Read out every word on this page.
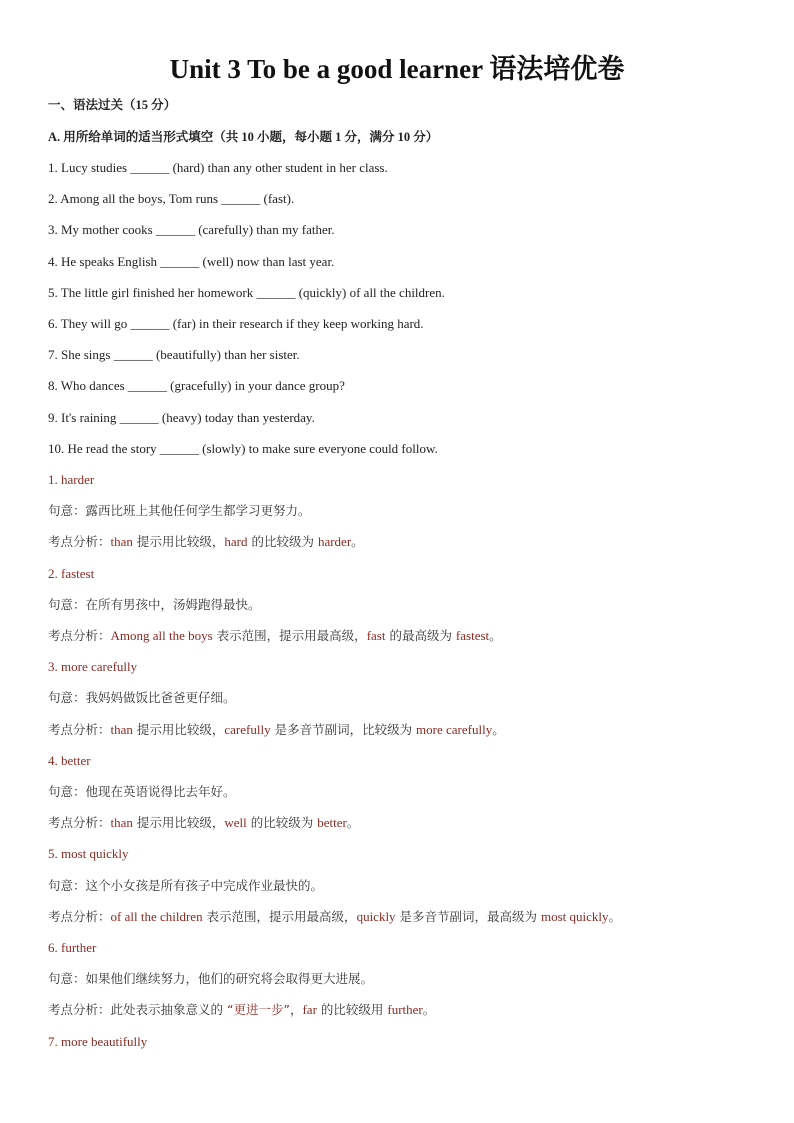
Unit 3 To be a good learner 语法培优卷
一、语法过关（15 分）
A. 用所给单词的适当形式填空（共 10 小题，每小题 1 分，满分 10 分）
1. Lucy studies ______ (hard) than any other student in her class.
2. Among all the boys, Tom runs ______ (fast).
3. My mother cooks ______ (carefully) than my father.
4. He speaks English ______ (well) now than last year.
5. The little girl finished her homework ______ (quickly) of all the children.
6. They will go ______ (far) in their research if they keep working hard.
7. She sings ______ (beautifully) than her sister.
8. Who dances ______ (gracefully) in your dance group?
9. It's raining ______ (heavy) today than yesterday.
10. He read the story ______ (slowly) to make sure everyone could follow.
1. harder
句意：露西比班上其他任何学生都学习更努力。
考点分析：than 提示用比较级，hard 的比较级为 harder。
2. fastest
句意：在所有男孩中，汤姆跑得最快。
考点分析：Among all the boys 表示范围，提示用最高级，fast 的最高级为 fastest。
3. more carefully
句意：我妈妈做饭比爸爸更仔细。
考点分析：than 提示用比较级，carefully 是多音节副词，比较级为 more carefully。
4. better
句意：他现在英语说得比去年好。
考点分析：than 提示用比较级，well 的比较级为 better。
5. most quickly
句意：这个小女孩是所有孩子中完成作业最快的。
考点分析：of all the children 表示范围，提示用最高级，quickly 是多音节副词，最高级为 most quickly。
6. further
句意：如果他们继续努力，他们的研究将会取得更大进展。
考点分析：此处表示抽象意义的 “更进一步”，far 的比较级用 further。
7. more beautifully
